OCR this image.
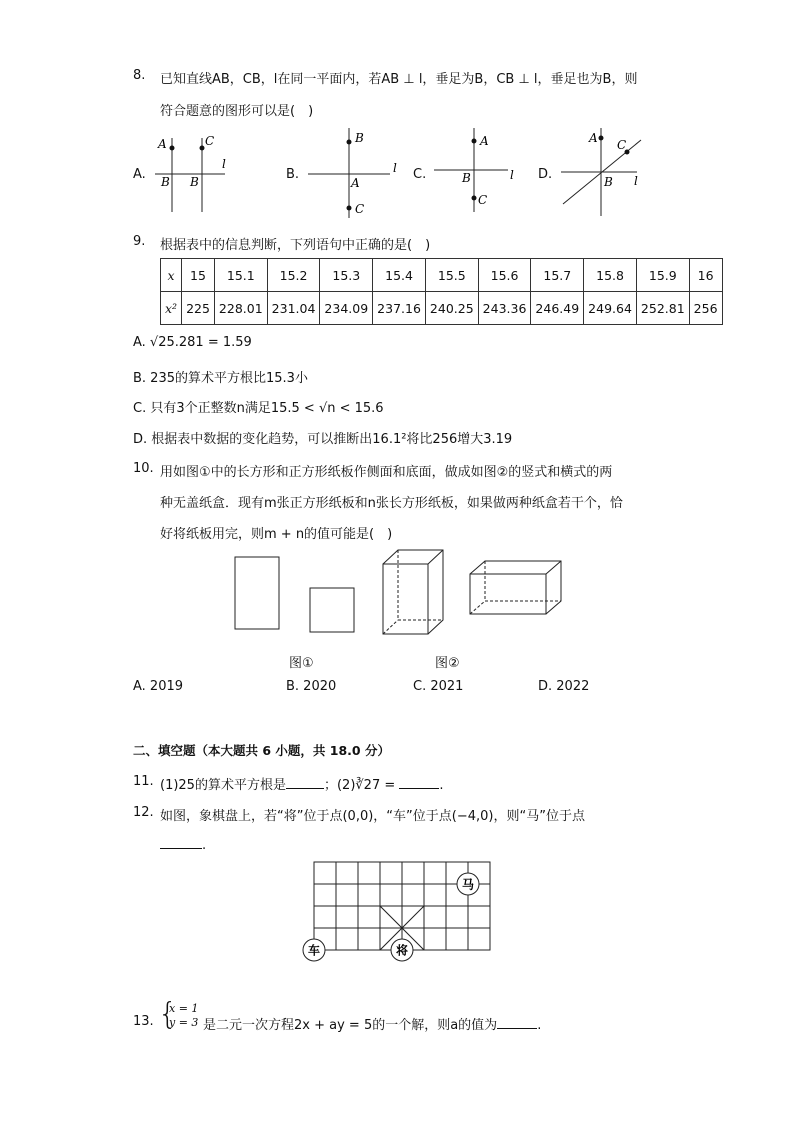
8. 已知直线AB，CB，l在同一平面内，若AB ⊥ l，垂足为B，CB ⊥ l，垂足也为B，则
符合题意的图形可以是(　)
A.	B.	C.	D.
A	C
B B
l
B
A
C
l
A
B
C
l
A C
B l
9. 根据表中的信息判断，下列语句中正确的是(　)
x	15	15.1	15.2	15.3	15.4	15.5	15.6	15.7	15.8	15.9	16
x²	225	228.01	231.04	234.09	237.16	240.25	243.36	246.49	249.64	252.81	256
A. √25.281 = 1.59
B. 235的算术平方根比15.3小
C. 只有3个正整数n满足15.5 < √n < 15.6
D. 根据表中数据的变化趋势，可以推断出16.1²将比256增大3.19
10. 用如图①中的长方形和正方形纸板作侧面和底面，做成如图②的竖式和横式的两
种无盖纸盒．现有m张正方形纸板和n张长方形纸板，如果做两种纸盒若干个，恰
好将纸板用完，则m + n的值可能是(　)
图①	图②
A. 2019	B. 2020	C. 2021	D. 2022
二、填空题（本大题共 6 小题，共 18.0 分）
11. (1)25的算术平方根是	；(2)∛27 =	.
12. 如图，象棋盘上，若“将”位于点(0,0)，“车”位于点(−4,0)，则“马”位于点
.
马
车	将
13. {
x = 1
y = 3 是二元一次方程2x + ay = 5的一个解，则a的值为	.
